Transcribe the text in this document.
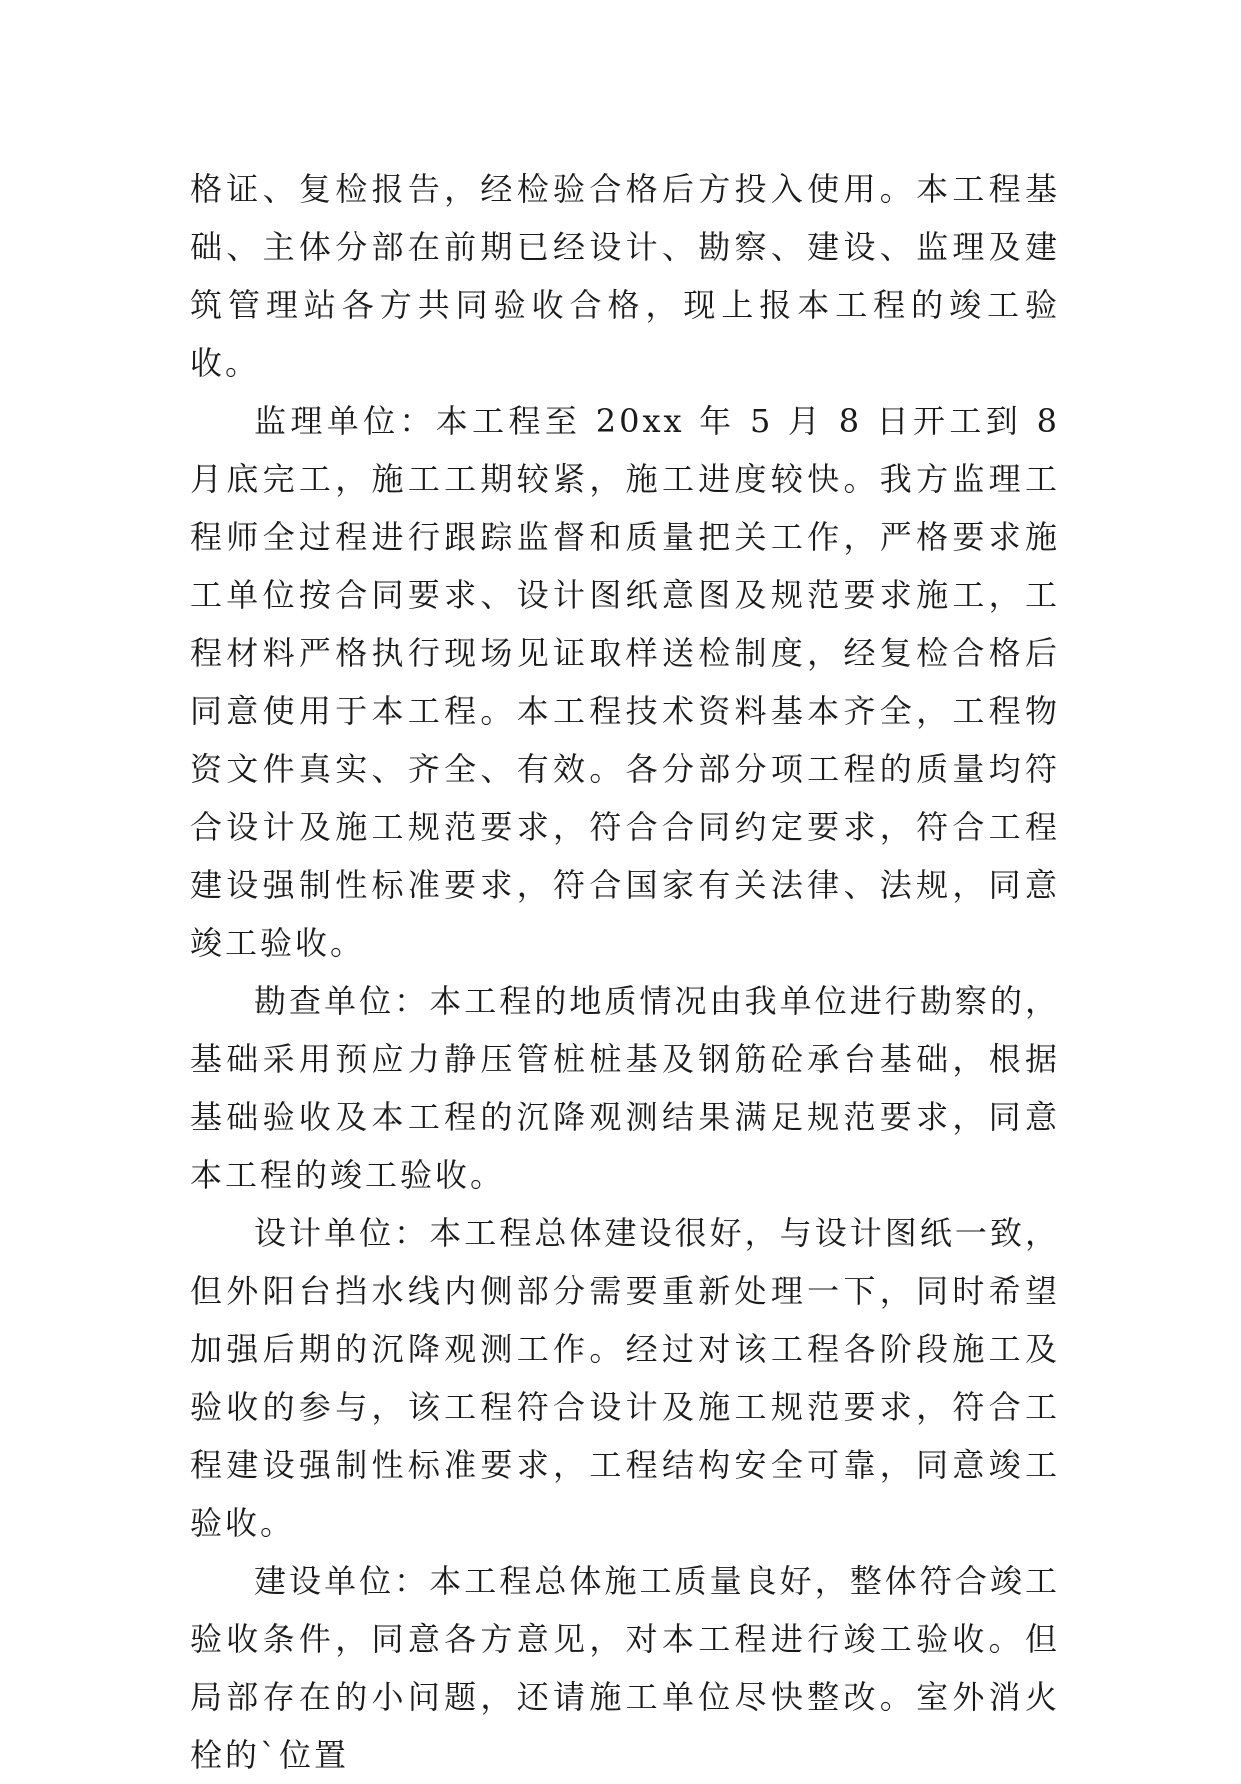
格证、复检报告，经检验合格后方投入使用。本工程基础、主体分部在前期已经设计、勘察、建设、监理及建筑管理站各方共同验收合格，现上报本工程的竣工验收。

监理单位：本工程至 20xx 年 5 月 8 日开工到 8 月底完工，施工工期较紧，施工进度较快。我方监理工程师全过程进行跟踪监督和质量把关工作，严格要求施工单位按合同要求、设计图纸意图及规范要求施工，工程材料严格执行现场见证取样送检制度，经复检合格后同意使用于本工程。本工程技术资料基本齐全，工程物资文件真实、齐全、有效。各分部分项工程的质量均符合设计及施工规范要求，符合合同约定要求，符合工程建设强制性标准要求，符合国家有关法律、法规，同意竣工验收。

勘查单位：本工程的地质情况由我单位进行勘察的，基础采用预应力静压管桩桩基及钢筋砼承台基础，根据基础验收及本工程的沉降观测结果满足规范要求，同意本工程的竣工验收。

设计单位：本工程总体建设很好，与设计图纸一致，但外阳台挡水线内侧部分需要重新处理一下，同时希望加强后期的沉降观测工作。经过对该工程各阶段施工及验收的参与，该工程符合设计及施工规范要求，符合工程建设强制性标准要求，工程结构安全可靠，同意竣工验收。

建设单位：本工程总体施工质量良好，整体符合竣工验收条件，同意各方意见，对本工程进行竣工验收。但局部存在的小问题，还请施工单位尽快整改。室外消火栓的`位置
